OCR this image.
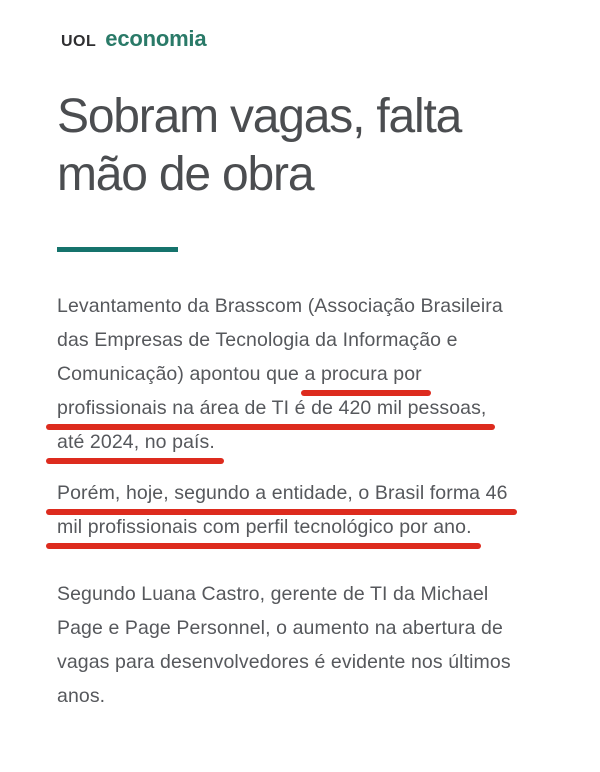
UOL economia
Sobram vagas, falta
mão de obra
Levantamento da Brasscom (Associação Brasileira
das Empresas de Tecnologia da Informação e
Comunicação) apontou que a procura por
profissionais na área de TI é de 420 mil pessoas,
até 2024, no país.
Porém, hoje, segundo a entidade, o Brasil forma 46
mil profissionais com perfil tecnológico por ano.
Segundo Luana Castro, gerente de TI da Michael
Page e Page Personnel, o aumento na abertura de
vagas para desenvolvedores é evidente nos últimos
anos.
